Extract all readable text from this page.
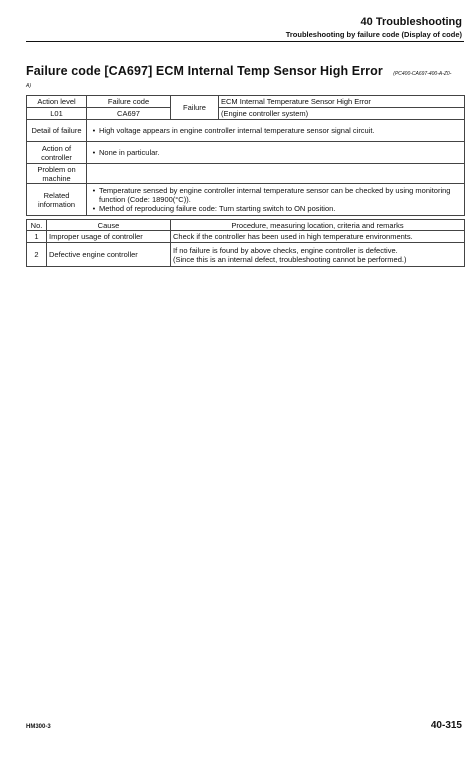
40 Troubleshooting
Troubleshooting by failure code (Display of code)
Failure code [CA697] ECM Internal Temp Sensor High Error (PC400-CA697-400-A-Z0-
A)
Action level	Failure code	Failure	ECM Internal Temperature Sensor High Error
L01	CA697		(Engine controller system)
Detail of failure	• High voltage appears in engine controller internal temperature sensor signal circuit.		

Action of controller	• None in particular.		

Problem on machine			
Related information	• Temperature sensed by engine controller internal temperature sensor can be checked by using monitoring function (Code: 18900(°C)).
• Method of reproducing failure code: Turn starting switch to ON position.		
No.	Cause	Procedure, measuring location, criteria and remarks
1	Improper usage of controller	Check if the controller has been used in high temperature environments.
2	Defective engine controller	If no failure is found by above checks, engine controller is defective.
(Since this is an internal defect, troubleshooting cannot be performed.)
HM300-3	40-315
